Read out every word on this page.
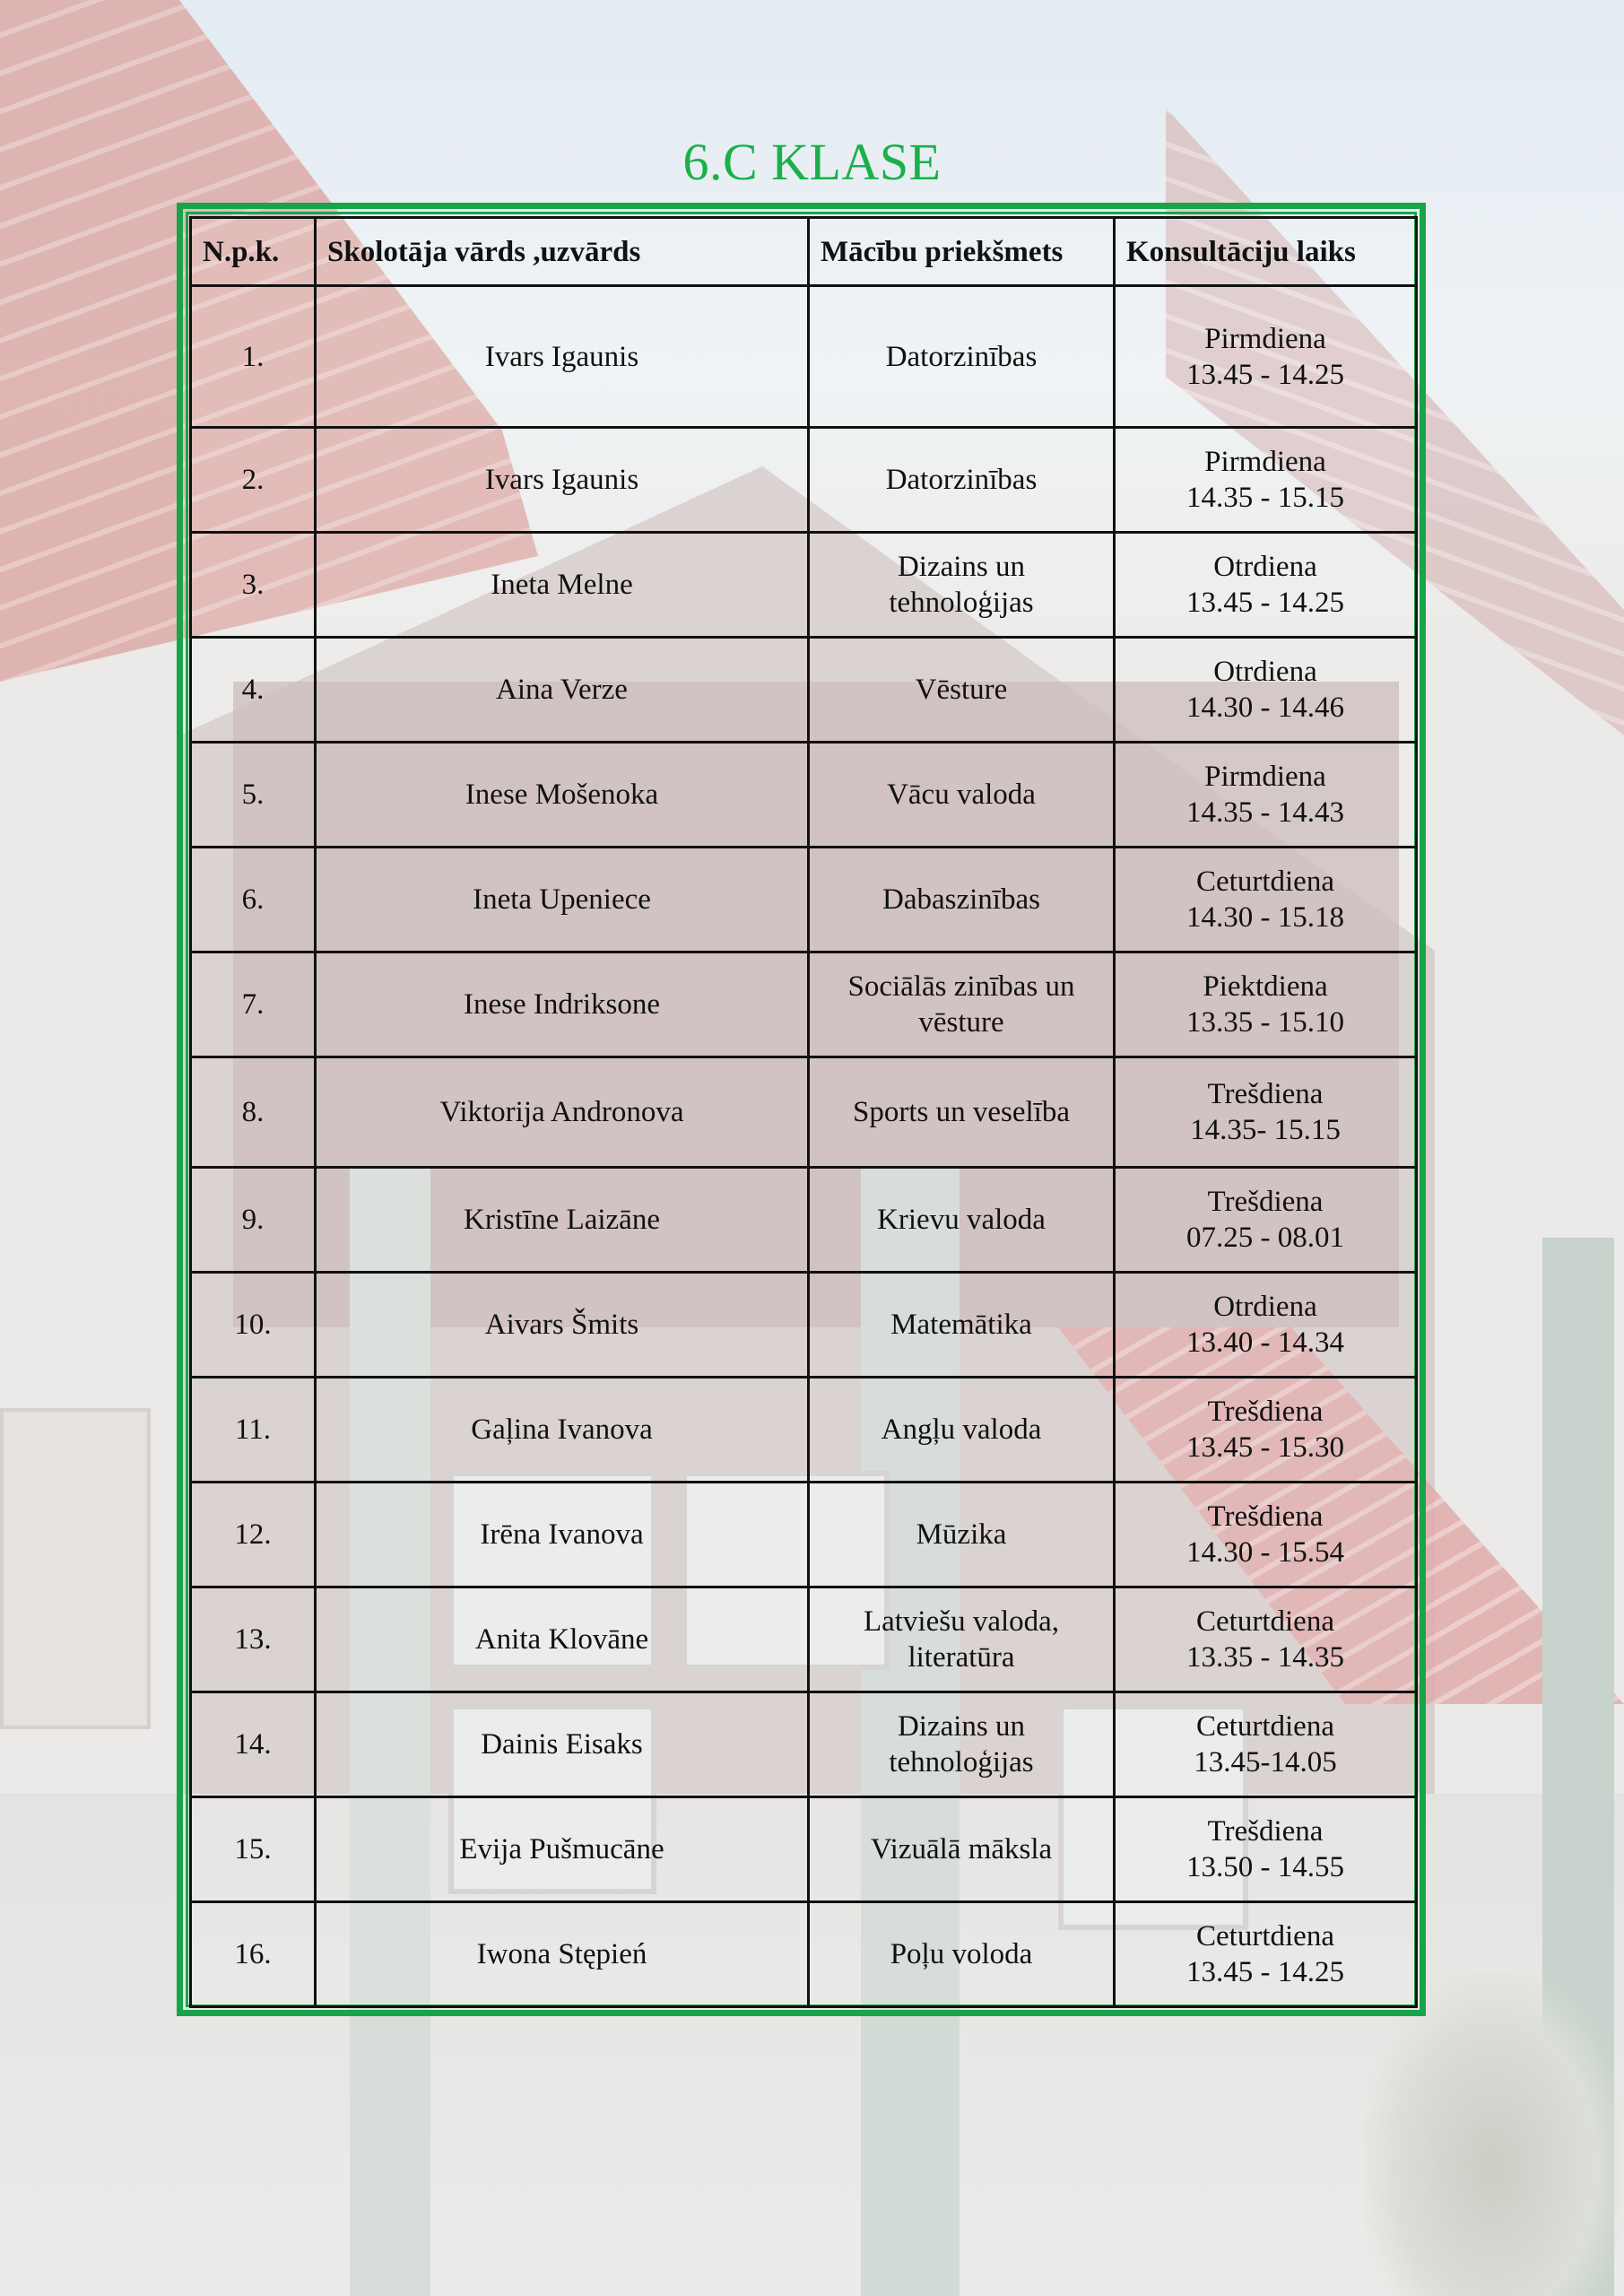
6.C KLASE
N.p.k.	Skolotāja vārds ,uzvārds	Mācību priekšmets	Konsultāciju laiks

1.	Ivars Igaunis	Datorzinības	Pirmdiena
13.45 - 14.25

2.	Ivars Igaunis	Datorzinības	Pirmdiena
14.35 - 15.15

3.	Ineta Melne	Dizains un
tehnoloģijas	Otrdiena
13.45 - 14.25

4.	Aina Verze	Vēsture	Otrdiena
14.30 - 14.46

5.	Inese Mošenoka	Vācu valoda	Pirmdiena
14.35 - 14.43

6.	Ineta Upeniece	Dabaszinības	Ceturtdiena
14.30 - 15.18

7.	Inese Indriksone	Sociālās zinības un
vēsture	Piektdiena
13.35 - 15.10

8.	Viktorija Andronova	Sports un veselība	Trešdiena
14.35- 15.15

9.	Kristīne Laizāne	Krievu valoda	Trešdiena
07.25 - 08.01

10.	Aivars Šmits	Matemātika	Otrdiena
13.40 - 14.34

11.	Gaļina Ivanova	Angļu valoda	Trešdiena
13.45 - 15.30

12.	Irēna Ivanova	Mūzika	Trešdiena
14.30 - 15.54

13.	Anita Klovāne	Latviešu valoda,
literatūra	Ceturtdiena
13.35 - 14.35

14.	Dainis Eisaks	Dizains un
tehnoloģijas	Ceturtdiena
13.45-14.05

15.	Evija Pušmucāne	Vizuālā māksla	Trešdiena
13.50 - 14.55

16.	Iwona Stępień	Poļu voloda	Ceturtdiena
13.45 - 14.25
